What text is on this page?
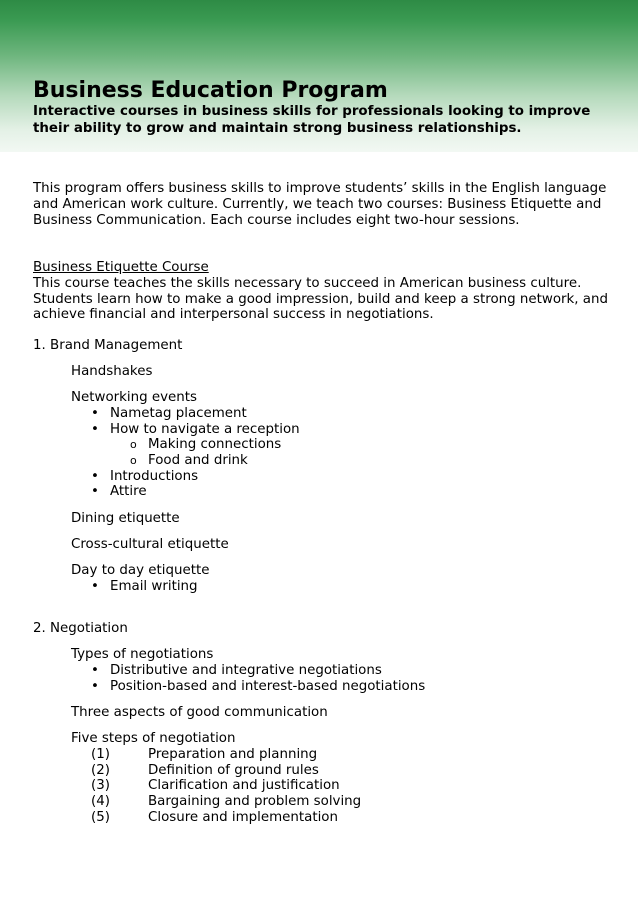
Business Education Program
Interactive courses in business skills for professionals looking to improve their ability to grow and maintain strong business relationships.
This program offers business skills to improve students’ skills in the English language and American work culture. Currently, we teach two courses: Business Etiquette and Business Communication. Each course includes eight two-hour sessions.
Business Etiquette Course
This course teaches the skills necessary to succeed in American business culture. Students learn how to make a good impression, build and keep a strong network, and achieve financial and interpersonal success in negotiations.
1. Brand Management
Handshakes
Networking events
• Nametag placement
• How to navigate a reception
o Making connections
o Food and drink
• Introductions
• Attire
Dining etiquette
Cross-cultural etiquette
Day to day etiquette
• Email writing
2. Negotiation
Types of negotiations
• Distributive and integrative negotiations
• Position-based and interest-based negotiations
Three aspects of good communication
Five steps of negotiation
(1)	Preparation and planning
(2)	Definition of ground rules
(3)	Clarification and justification
(4)	Bargaining and problem solving
(5)	Closure and implementation
